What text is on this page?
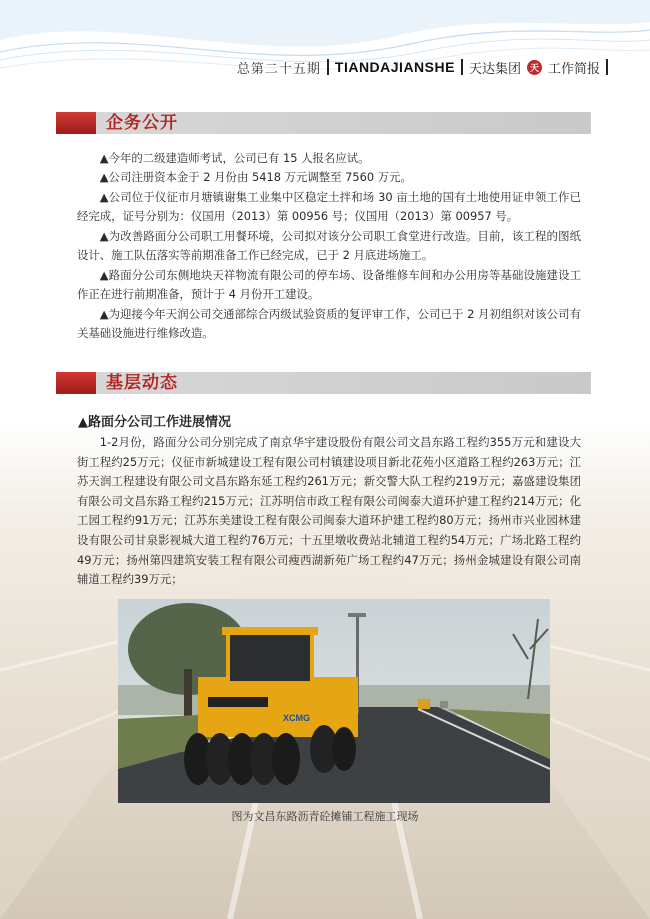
总第二十五期 TIANDAJIANSHE 天达集团 天 工作简报
企务公开

▲今年的二级建造师考试，公司已有 15 人报名应试。

▲公司注册资本金于 2 月份由 5418 万元调整至 7560 万元。

▲公司位于仪征市月塘镇谢集工业集中区稳定土拌和场 30 亩土地的国有土地使用证申领工作已经完成，证号分别为：仪国用（2013）第 00956 号；仪国用（2013）第 00957 号。

▲为改善路面分公司职工用餐环境，公司拟对该分公司职工食堂进行改造。目前，该工程的图纸设计、施工队伍落实等前期准备工作已经完成，已于 2 月底进场施工。

▲路面分公司东侧地块天祥物流有限公司的停车场、设备维修车间和办公用房等基础设施建设工作正在进行前期准备，预计于 4 月份开工建设。

▲为迎接今年天润公司交通部综合丙级试验资质的复评审工作，公司已于 2 月初组织对该公司有关基础设施进行维修改造。

基层动态
▲路面分公司工作进展情况

1-2月份，路面分公司分别完成了南京华宇建设股份有限公司文昌东路工程约355万元和建设大街工程约25万元；仪征市新城建设工程有限公司村镇建设项目新北花苑小区道路工程约263万元；江苏天润工程建设有限公司文昌东路东延工程约261万元；新交警大队工程约219万元；嘉盛建设集团有限公司文昌东路工程约215万元；江苏明信市政工程有限公司闽泰大道环护建工程约214万元；化工园工程约91万元；江苏东美建设工程有限公司闽泰大道环护建工程约80万元；扬州市兴业园林建设有限公司甘泉影视城大道工程约76万元；十五里墩收费站北辅道工程约54万元；广场北路工程约49万元；扬州第四建筑安装工程有限公司瘦西湖新苑广场工程约47万元；扬州金城建设有限公司南辅道工程约39万元；

XCMG
图为文昌东路沥青砼摊铺工程施工现场
